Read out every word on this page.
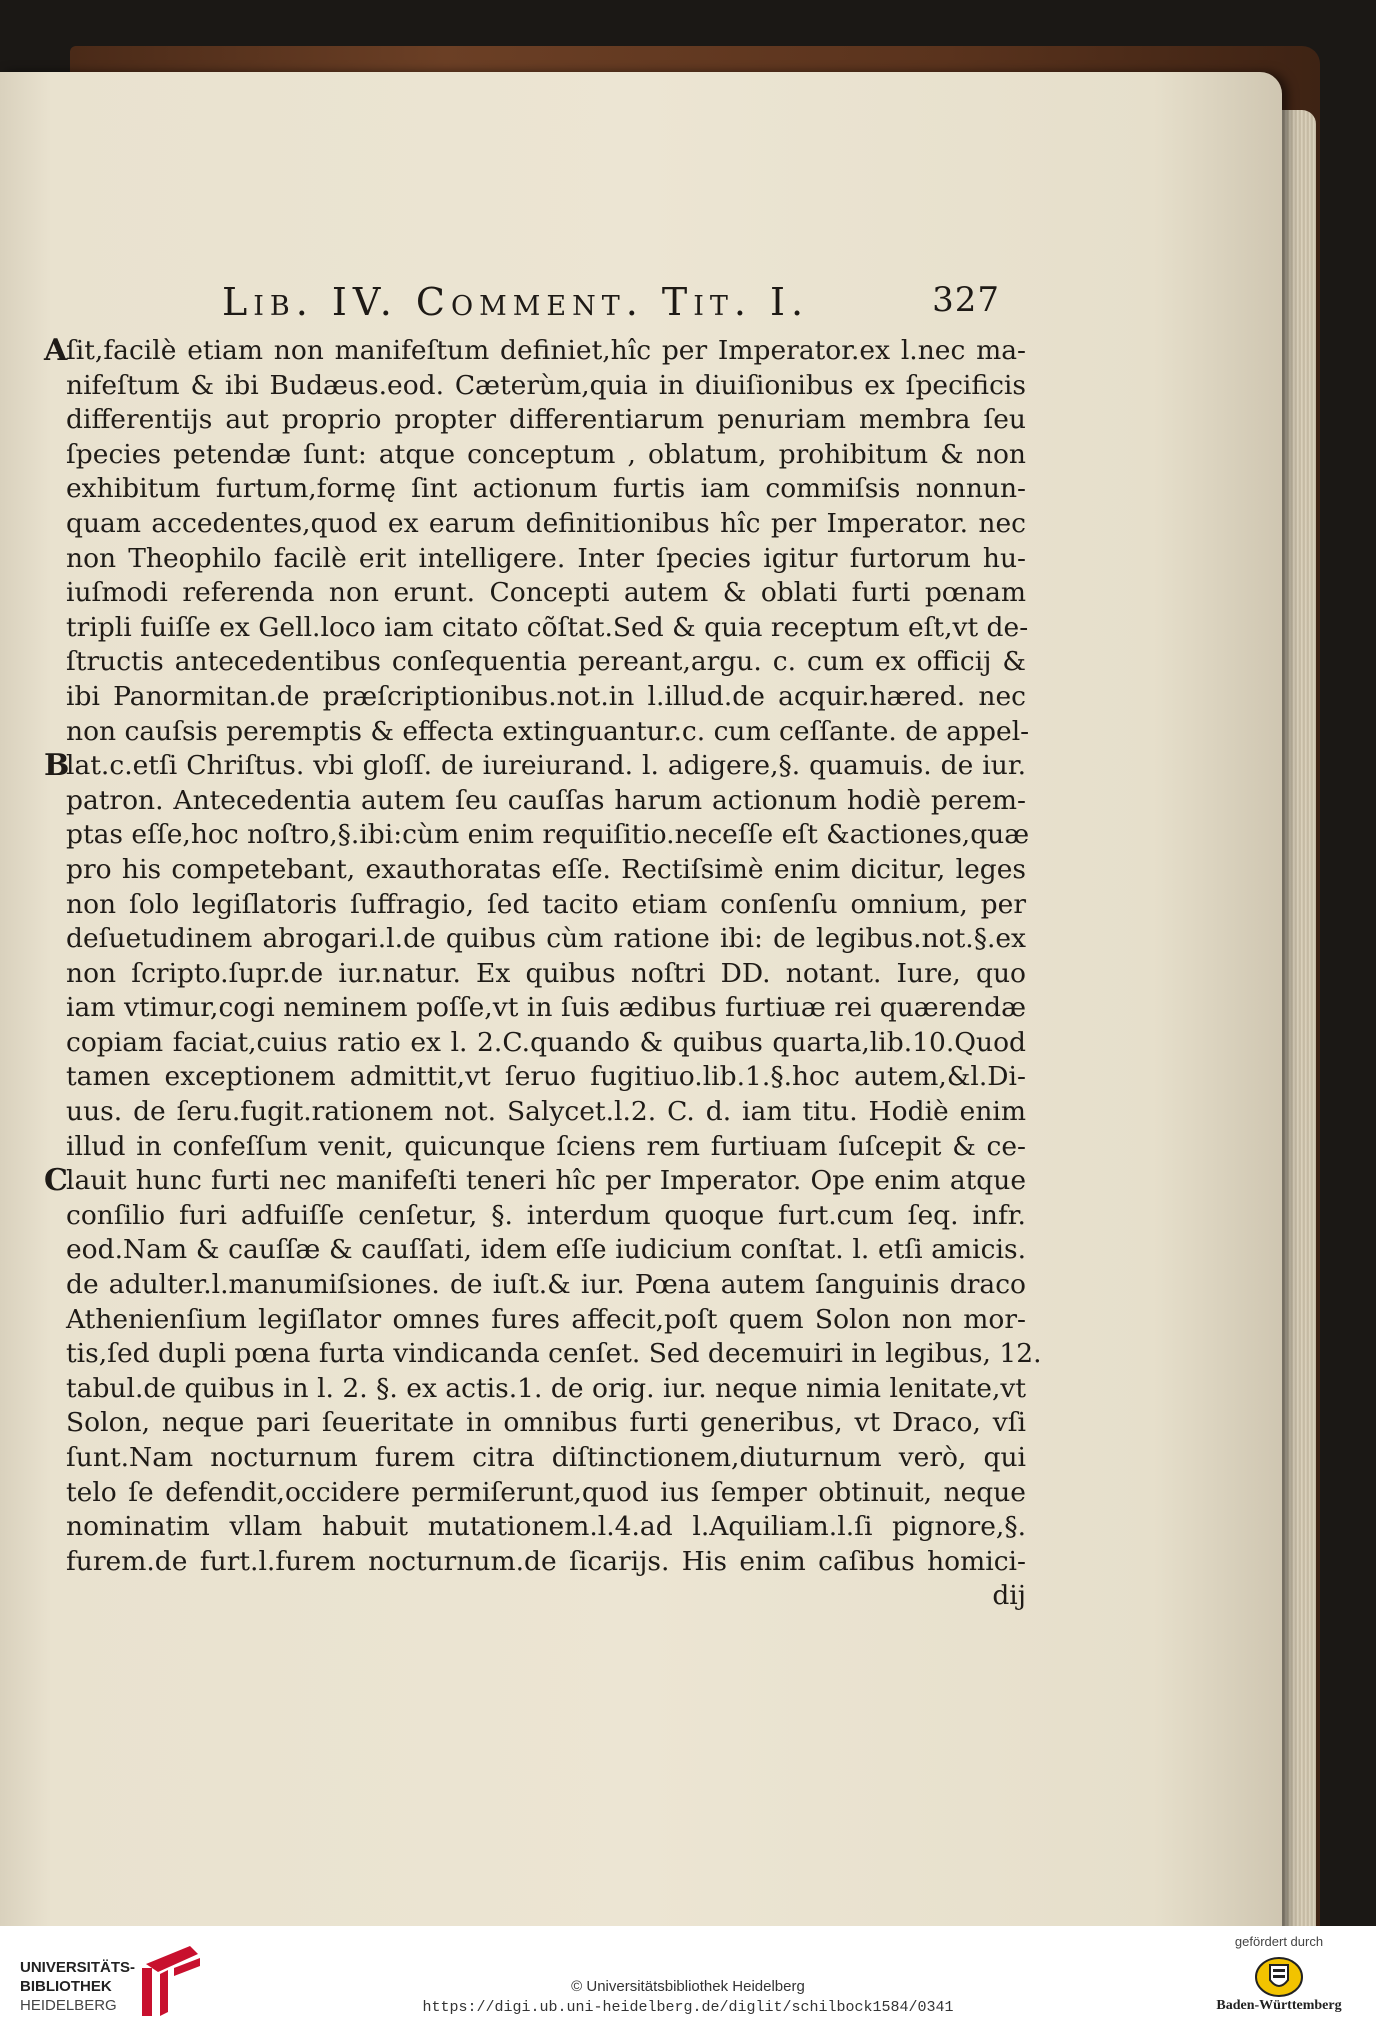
Lib. IV. Comment. Tit. I.	327
A
ſit,facilè etiam non manifeſtum definiet,hîc per Imperator.ex l.nec ma-
nifeſtum & ibi Budæus.eod. Cæterùm,quia in diuiſionibus ex ſpecificis
differentijs aut proprio propter differentiarum penuriam membra ſeu
ſpecies petendæ ſunt: atque conceptum , oblatum, prohibitum & non
exhibitum furtum,formę ſint actionum furtis iam commiſsis nonnun-
quam accedentes,quod ex earum definitionibus hîc per Imperator. nec
non Theophilo facilè erit intelligere. Inter ſpecies igitur furtorum hu-
iuſmodi referenda non erunt. Concepti autem & oblati furti pœnam
tripli fuiſſe ex Gell.loco iam citato cõſtat.Sed & quia receptum eſt,vt de-
ſtructis antecedentibus conſequentia pereant,argu. c. cum ex officij &
ibi Panormitan.de præſcriptionibus.not.in l.illud.de acquir.hæred. nec
non cauſsis peremptis & effecta extinguantur.c. cum ceſſante. de appel-
B
lat.c.etſi Chriſtus. vbi gloſſ. de iureiurand. l. adigere,§. quamuis. de iur.
patron. Antecedentia autem ſeu cauſſas harum actionum hodiè perem-
ptas eſſe,hoc noſtro,§.ibi:cùm enim requiſitio.neceſſe eſt &actiones,quæ
pro his competebant, exauthoratas eſſe. Rectiſsimè enim dicitur, leges
non ſolo legiſlatoris ſuffragio, ſed tacito etiam conſenſu omnium, per
deſuetudinem abrogari.l.de quibus cùm ratione ibi: de legibus.not.§.ex
non ſcripto.ſupr.de iur.natur. Ex quibus noſtri DD. notant. Iure, quo
iam vtimur,cogi neminem poſſe,vt in ſuis ædibus furtiuæ rei quærendæ
copiam faciat,cuius ratio ex l. 2.C.quando & quibus quarta,lib.10.Quod
tamen exceptionem admittit,vt ſeruo fugitiuo.lib.1.§.hoc autem,&l.Di-
uus. de ſeru.fugit.rationem not. Salycet.l.2. C. d. iam titu. Hodiè enim
illud in confeſſum venit, quicunque ſciens rem furtiuam ſuſcepit & ce-
C
lauit hunc furti nec manifeſti teneri hîc per Imperator. Ope enim atque
conſilio furi adfuiſſe cenſetur, §. interdum quoque furt.cum ſeq. infr.
eod.Nam & cauſſæ & cauſſati, idem eſſe iudicium conſtat. l. etſi amicis.
de adulter.l.manumiſsiones. de iuſt.& iur. Pœna autem ſanguinis draco
Athenienſium legiſlator omnes fures affecit,poſt quem Solon non mor-
tis,ſed dupli pœna furta vindicanda cenſet. Sed decemuiri in legibus, 12.
tabul.de quibus in l. 2. §. ex actis.1. de orig. iur. neque nimia lenitate,vt
Solon, neque pari ſeueritate in omnibus furti generibus, vt Draco, vſi
ſunt.Nam nocturnum furem citra diſtinctionem,diuturnum verò, qui
telo ſe defendit,occidere permiſerunt,quod ius ſemper obtinuit, neque
nominatim vllam habuit mutationem.l.4.ad l.Aquiliam.l.ſi pignore,§.
furem.de furt.l.furem nocturnum.de ſicarijs. His enim caſibus homici-
dij
UNIVERSITÄTS-
BIBLIOTHEK
HEIDELBERG
© Universitätsbibliothek Heidelberg
https://digi.ub.uni-heidelberg.de/diglit/schilbock1584/0341
gefördert durch
Baden-Württemberg
